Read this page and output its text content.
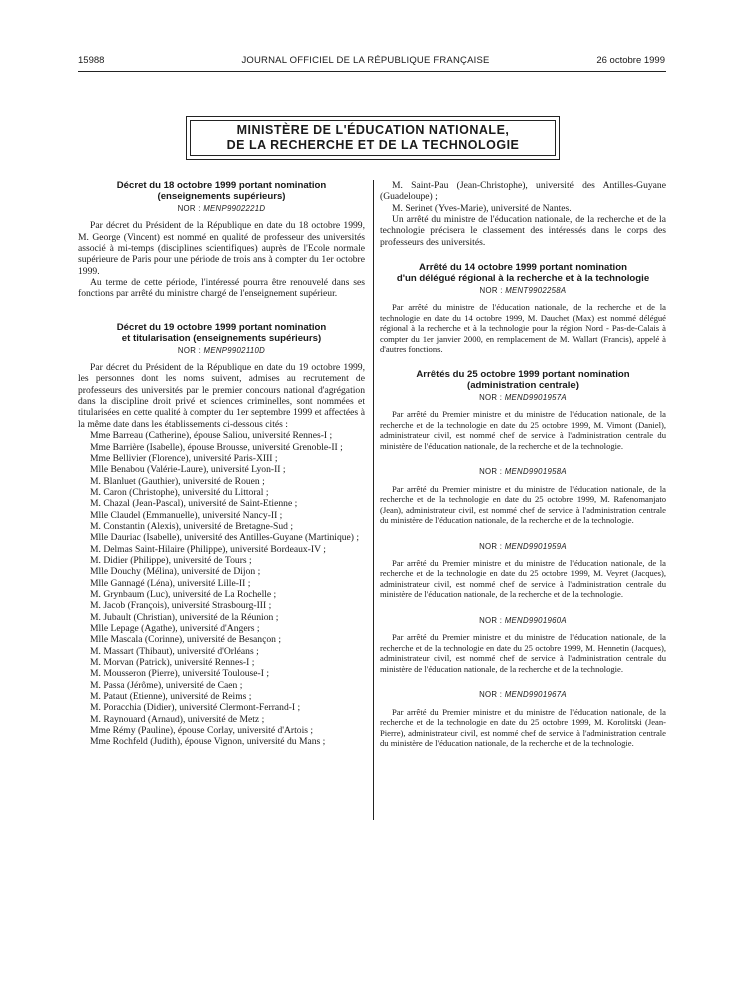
15988	JOURNAL OFFICIEL DE LA RÉPUBLIQUE FRANÇAISE	26 octobre 1999
MINISTÈRE DE L'ÉDUCATION NATIONALE,
DE LA RECHERCHE ET DE LA TECHNOLOGIE
Décret du 18 octobre 1999 portant nomination
(enseignements supérieurs)
NOR : MENP9902221D

Par décret du Président de la République en date du 18 octobre 1999, M. George (Vincent) est nommé en qualité de professeur des universités associé à mi-temps (disciplines scientifiques) auprès de l'Ecole normale supérieure de Paris pour une période de trois ans à compter du 1er octobre 1999.

Au terme de cette période, l'intéressé pourra être renouvelé dans ses fonctions par arrêté du ministre chargé de l'enseignement supérieur.

Décret du 19 octobre 1999 portant nomination
et titularisation (enseignements supérieurs)
NOR : MENP9902110D

Par décret du Président de la République en date du 19 octobre 1999, les personnes dont les noms suivent, admises au recrutement de professeurs des universités par le premier concours national d'agrégation dans la discipline droit privé et sciences criminelles, sont nommées et titularisées en cette qualité à compter du 1er septembre 1999 et affectées à la même date dans les établissements ci-dessous cités :

Mme Barreau (Catherine), épouse Saliou, université Rennes-I ;

Mme Barrière (Isabelle), épouse Brousse, université Grenoble-II ;

Mme Bellivier (Florence), université Paris-XIII ;

Mlle Benabou (Valérie-Laure), université Lyon-II ;

M. Blanluet (Gauthier), université de Rouen ;

M. Caron (Christophe), université du Littoral ;

M. Chazal (Jean-Pascal), université de Saint-Etienne ;

Mlle Claudel (Emmanuelle), université Nancy-II ;

M. Constantin (Alexis), université de Bretagne-Sud ;

Mlle Dauriac (Isabelle), université des Antilles-Guyane (Martinique) ;

M. Delmas Saint-Hilaire (Philippe), université Bordeaux-IV ;

M. Didier (Philippe), université de Tours ;

Mlle Douchy (Mélina), université de Dijon ;

Mlle Gannagé (Léna), université Lille-II ;

M. Grynbaum (Luc), université de La Rochelle ;

M. Jacob (François), université Strasbourg-III ;

M. Jubault (Christian), université de la Réunion ;

Mlle Lepage (Agathe), université d'Angers ;

Mlle Mascala (Corinne), université de Besançon ;

M. Massart (Thibaut), université d'Orléans ;

M. Morvan (Patrick), université Rennes-I ;

M. Mousseron (Pierre), université Toulouse-I ;

M. Passa (Jérôme), université de Caen ;

M. Pataut (Etienne), université de Reims ;

M. Poracchia (Didier), université Clermont-Ferrand-I ;

M. Raynouard (Arnaud), université de Metz ;

Mme Rémy (Pauline), épouse Corlay, université d'Artois ;

Mme Rochfeld (Judith), épouse Vignon, université du Mans ;

M. Saint-Pau (Jean-Christophe), université des Antilles-Guyane (Guadeloupe) ;

M. Serinet (Yves-Marie), université de Nantes.

Un arrêté du ministre de l'éducation nationale, de la recherche et de la technologie précisera le classement des intéressés dans le corps des professeurs des universités.

Arrêté du 14 octobre 1999 portant nomination
d'un délégué régional à la recherche et à la technologie
NOR : MENT9902258A

Par arrêté du ministre de l'éducation nationale, de la recherche et de la technologie en date du 14 octobre 1999, M. Dauchet (Max) est nommé délégué régional à la recherche et à la technologie pour la région Nord - Pas-de-Calais à compter du 1er janvier 2000, en remplacement de M. Wallart (Francis), appelé à d'autres fonctions.

Arrêtés du 25 octobre 1999 portant nomination
(administration centrale)
NOR : MEND9901957A

Par arrêté du Premier ministre et du ministre de l'éducation nationale, de la recherche et de la technologie en date du 25 octobre 1999, M. Vimont (Daniel), administrateur civil, est nommé chef de service à l'administration centrale du ministère de l'éducation nationale, de la recherche et de la technologie.

NOR : MEND9901958A

Par arrêté du Premier ministre et du ministre de l'éducation nationale, de la recherche et de la technologie en date du 25 octobre 1999, M. Rafenomanjato (Jean), administrateur civil, est nommé chef de service à l'administration centrale du ministère de l'éducation nationale, de la recherche et de la technologie.

NOR : MEND9901959A

Par arrêté du Premier ministre et du ministre de l'éducation nationale, de la recherche et de la technologie en date du 25 octobre 1999, M. Veyret (Jacques), administrateur civil, est nommé chef de service à l'administration centrale du ministère de l'éducation nationale, de la recherche et de la technologie.

NOR : MEND9901960A

Par arrêté du Premier ministre et du ministre de l'éducation nationale, de la recherche et de la technologie en date du 25 octobre 1999, M. Hennetin (Jacques), administrateur civil, est nommé chef de service à l'administration centrale du ministère de l'éducation nationale, de la recherche et de la technologie.

NOR : MEND9901967A

Par arrêté du Premier ministre et du ministre de l'éducation nationale, de la recherche et de la technologie en date du 25 octobre 1999, M. Korolitski (Jean-Pierre), administrateur civil, est nommé chef de service à l'administration centrale du ministère de l'éducation nationale, de la recherche et de la technologie.
